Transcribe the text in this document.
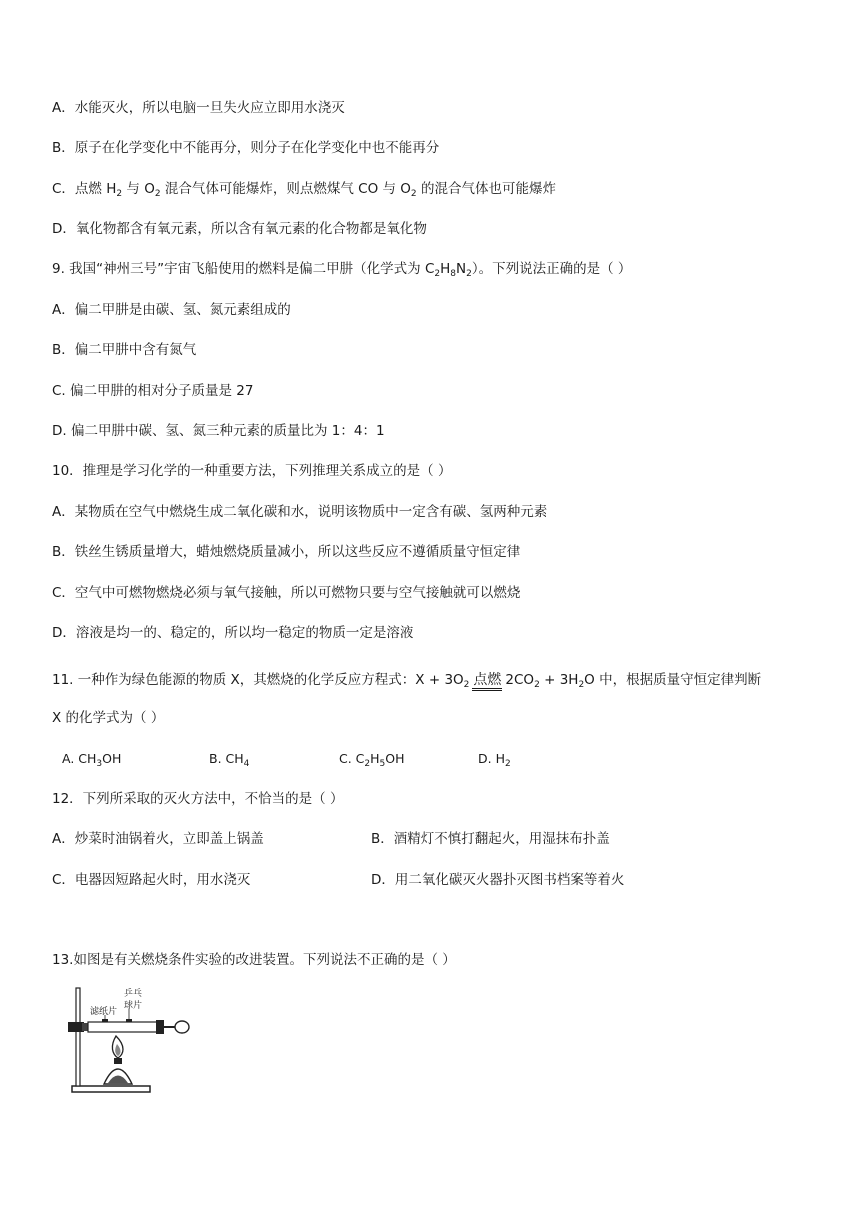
A．水能灭火，所以电脑一旦失火应立即用水浇灭
B．原子在化学变化中不能再分，则分子在化学变化中也不能再分
C．点燃 $H_2$ 与 $O_2$ 混合气体可能爆炸，则点燃煤气 CO 与 $O_2$ 的混合气体也可能爆炸
D．氧化物都含有氧元素，所以含有氧元素的化合物都是氧化物
9. 我国“神州三号”宇宙飞船使用的燃料是偏二甲肼（化学式为 $C_2H_8N_2$）。下列说法正确的是（ ）
A．偏二甲肼是由碳、氢、氮元素组成的
B．偏二甲肼中含有氮气
C. 偏二甲肼的相对分子质量是 27
D. 偏二甲肼中碳、氢、氮三种元素的质量比为 1：4：1
10．推理是学习化学的一种重要方法，下列推理关系成立的是（ ）
A．某物质在空气中燃烧生成二氧化碳和水，说明该物质中一定含有碳、氢两种元素
B．铁丝生锈质量增大，蜡烛燃烧质量减小，所以这些反应不遵循质量守恒定律
C．空气中可燃物燃烧必须与氧气接触，所以可燃物只要与空气接触就可以燃烧
D．溶液是均一的、稳定的，所以均一稳定的物质一定是溶液
11. 一种作为绿色能源的物质 X，其燃烧的化学反应方程式：$X + 3O_2$ 点燃 $2CO_2 + 3H_2O$ 中，根据质量守恒定律判断
X 的化学式为（ ）
A. $CH_3OH$	B. $CH_4$	C. $C_2H_5OH$	D. $H_2$
12．下列所采取的灭火方法中，不恰当的是（ ）
A．炒菜时油锅着火，立即盖上锅盖	B．酒精灯不慎打翻起火，用湿抹布扑盖
C．电器因短路起火时，用水浇灭	D．用二氧化碳灭火器扑灭图书档案等着火
13.如图是有关燃烧条件实验的改进装置。下列说法不正确的是（ ）
滤纸片
乒乓
球片
